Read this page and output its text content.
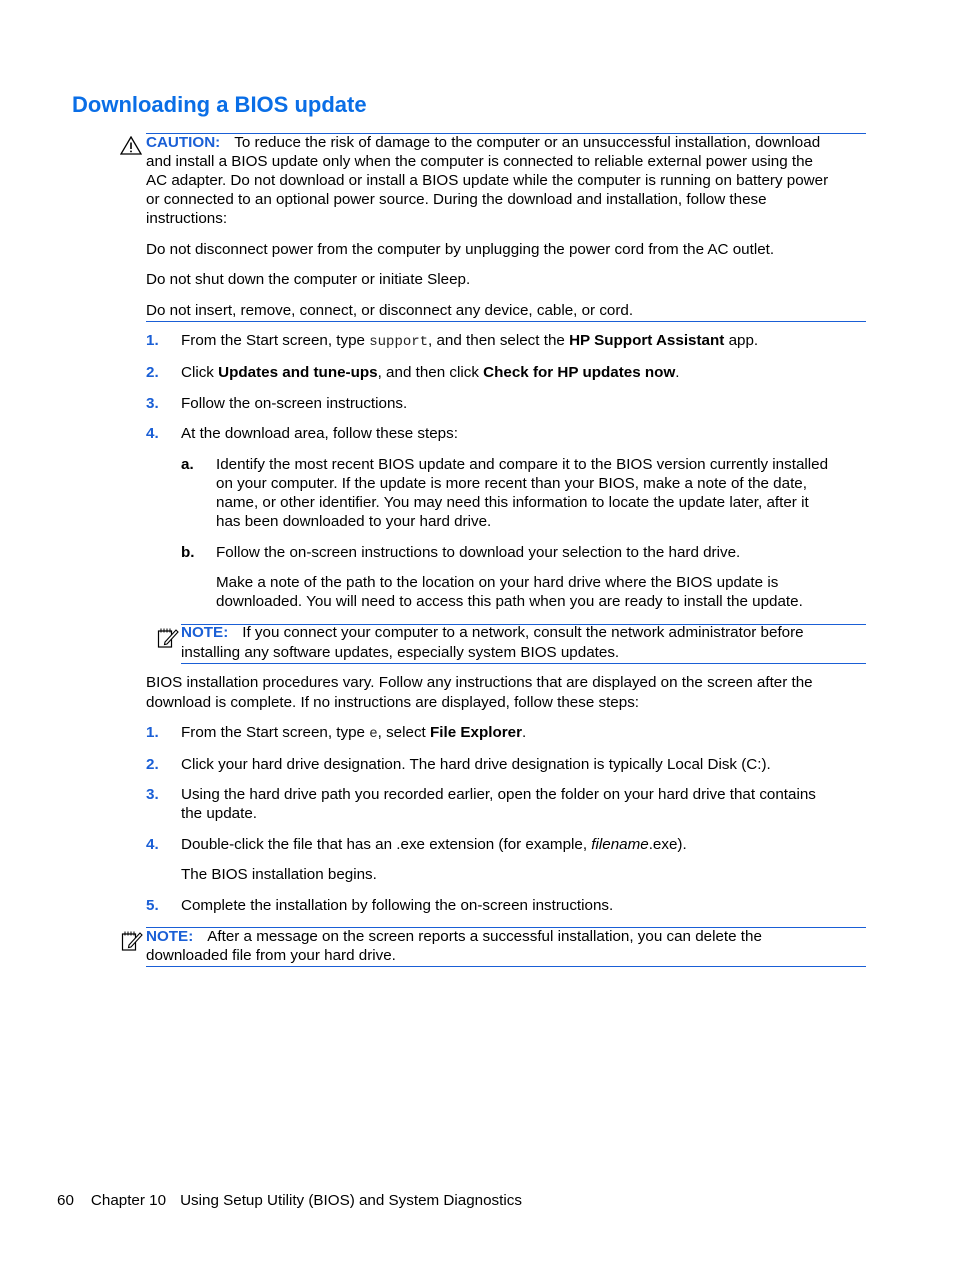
Downloading a BIOS update
CAUTION: To reduce the risk of damage to the computer or an unsuccessful installation, download
and install a BIOS update only when the computer is connected to reliable external power using the
AC adapter. Do not download or install a BIOS update while the computer is running on battery power
or connected to an optional power source. During the download and installation, follow these
instructions:
Do not disconnect power from the computer by unplugging the power cord from the AC outlet.
Do not shut down the computer or initiate Sleep.
Do not insert, remove, connect, or disconnect any device, cable, or cord.
1. From the Start screen, type support, and then select the HP Support Assistant app.
2. Click Updates and tune-ups, and then click Check for HP updates now.
3. Follow the on-screen instructions.
4. At the download area, follow these steps:
a. Identify the most recent BIOS update and compare it to the BIOS version currently installed
on your computer. If the update is more recent than your BIOS, make a note of the date,
name, or other identifier. You may need this information to locate the update later, after it
has been downloaded to your hard drive.
b. Follow the on-screen instructions to download your selection to the hard drive.
Make a note of the path to the location on your hard drive where the BIOS update is
downloaded. You will need to access this path when you are ready to install the update.
NOTE: If you connect your computer to a network, consult the network administrator before
installing any software updates, especially system BIOS updates.
BIOS installation procedures vary. Follow any instructions that are displayed on the screen after the
download is complete. If no instructions are displayed, follow these steps:
1. From the Start screen, type e, select File Explorer.
2. Click your hard drive designation. The hard drive designation is typically Local Disk (C:).
3. Using the hard drive path you recorded earlier, open the folder on your hard drive that contains
the update.
4. Double-click the file that has an .exe extension (for example, filename.exe).
The BIOS installation begins.
5. Complete the installation by following the on-screen instructions.
NOTE: After a message on the screen reports a successful installation, you can delete the
downloaded file from your hard drive.
60 Chapter 10 Using Setup Utility (BIOS) and System Diagnostics
